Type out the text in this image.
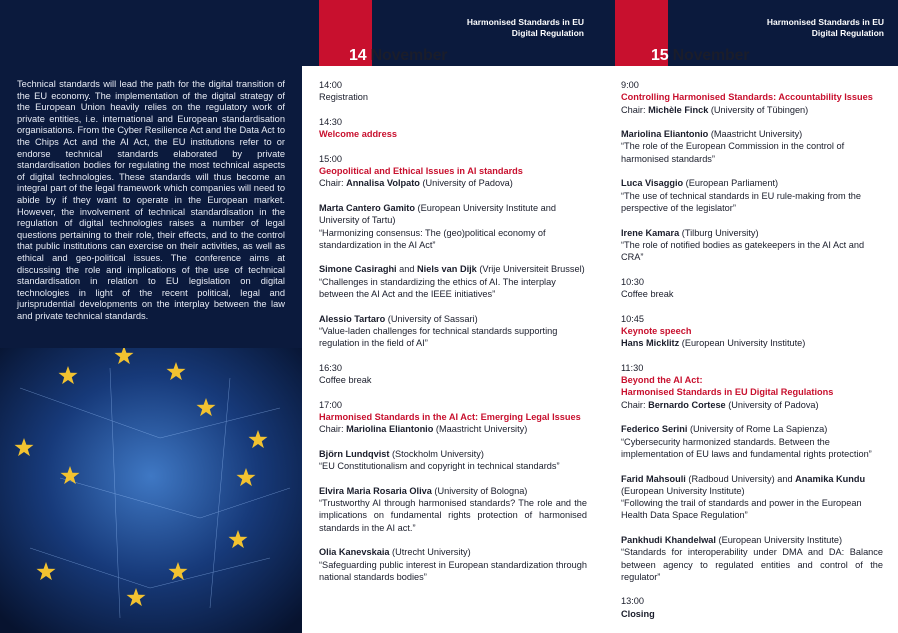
Technical standards will lead the path for the digital transition of the EU economy. The implementation of the digital strategy of the European Union heavily relies on the regulatory work of private entities, i.e. international and European standardisation organisations. From the Cyber Resilience Act and the Data Act to the Chips Act and the AI Act, the EU institutions refer to or endorse technical standards elaborated by private standardisation bodies for regulating the most technical aspects of digital technologies. These standards will thus become an integral part of the legal framework which companies will need to abide by if they want to operate in the European market. However, the involvement of technical standardisation in the regulation of digital technologies raises a number of legal questions pertaining to their role, their effects, and to the control that public institutions can exercise on their activities, as well as ethical and geo-political issues. The conference aims at discussing the role and implications of the use of technical standardisation in relation to EU legislation on digital technologies in light of the recent political, legal and jurisprudential developments on the interplay between the law and private technical standards.

Harmonised Standards in EU
Digital Regulation
14 November

14:00

Registration

14:30

Welcome address

15:00

Geopolitical and Ethical Issues in AI standards

Chair: Annalisa Volpato (University of Padova)

Marta Cantero Gamito (European University Institute and University of Tartu)

“Harmonizing consensus: The (geo)political economy of standardization in the AI Act”

Simone Casiraghi and Niels van Dijk (Vrije Universiteit Brussel)

“Challenges in standardizing the ethics of AI. The interplay between the AI Act and the IEEE initiatives”

Alessio Tartaro (University of Sassari)

“Value-laden challenges for technical standards supporting regulation in the field of AI”

16:30

Coffee break

17:00

Harmonised Standards in the AI Act: Emerging Legal Issues

Chair: Mariolina Eliantonio (Maastricht University)

Björn Lundqvist (Stockholm University)

“EU Constitutionalism and copyright in technical standards”

Elvira Maria Rosaria Oliva (University of Bologna)

“Trustworthy AI through harmonised standards? The role and the implications on fundamental rights protection of harmonised standards in the AI act.”

Olia Kanevskaia (Utrecht University)

“Safeguarding public interest in European standardization through national standards bodies”

Harmonised Standards in EU
Digital Regulation
15 November

9:00

Controlling Harmonised Standards: Accountability Issues

Chair: Michèle Finck (University of Tübingen)

Mariolina Eliantonio (Maastricht University)

“The role of the European Commission in the control of harmonised standards”

Luca Visaggio (European Parliament)

“The use of technical standards in EU rule-making from the perspective of the legislator”

Irene Kamara (Tilburg University)

“The role of notified bodies as gatekeepers in the AI Act and CRA”

10:30

Coffee break

10:45

Keynote speech

Hans Micklitz (European University Institute)

11:30

Beyond the AI Act:

Harmonised Standards in EU Digital Regulations

Chair: Bernardo Cortese (University of Padova)

Federico Serini (University of Rome La Sapienza)

“Cybersecurity harmonized standards. Between the implementation of EU laws and fundamental rights protection”

Farid Mahsouli (Radboud University) and Anamika Kundu (European University Institute)

“Following the trail of standards and power in the European Health Data Space Regulation”

Pankhudi Khandelwal (European University Institute)

“Standards for interoperability under DMA and DA: Balance between agency to regulated entities and control of the regulator”

13:00

Closing
